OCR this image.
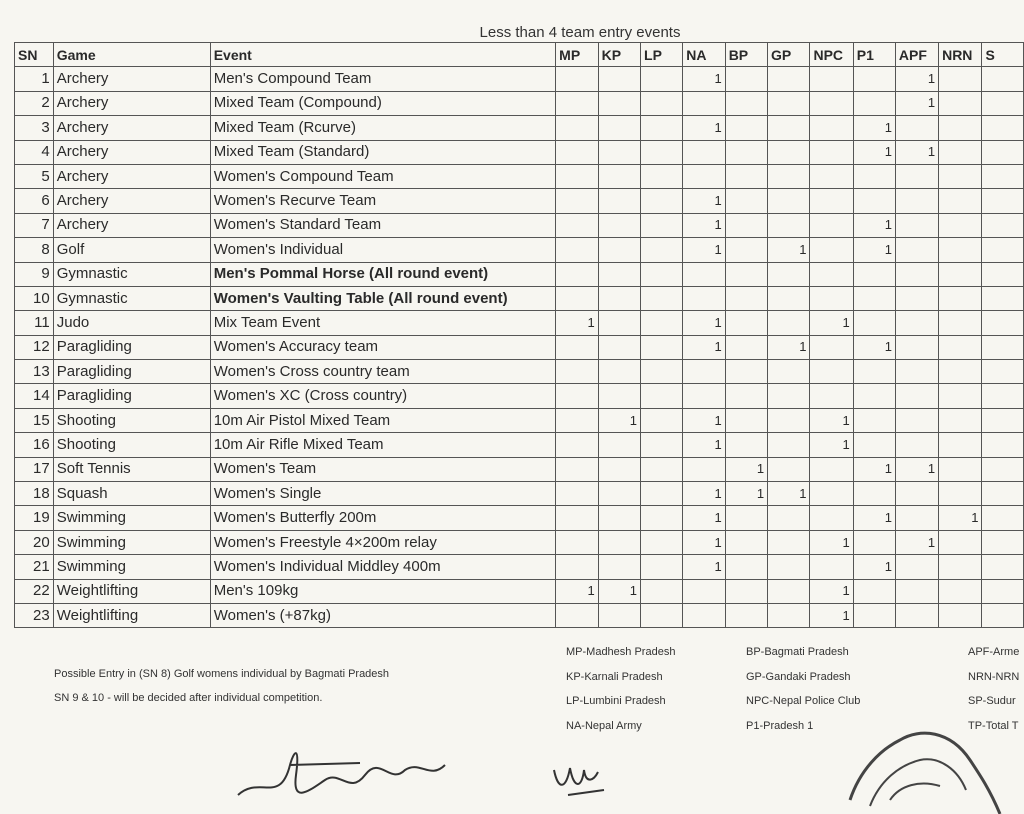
Less than 4 team entry events
SN	Game	Event	MP	KP	LP	NA	BP	GP	NPC	P1	APF	NRN	S
1	Archery	Men's Compound Team				1					1		
2	Archery	Mixed Team (Compound)									1		
3	Archery	Mixed Team (Rcurve)				1				1			
4	Archery	Mixed Team (Standard)								1	1		
5	Archery	Women's Compound Team											
6	Archery	Women's Recurve Team				1							
7	Archery	Women's Standard Team				1				1			
8	Golf	Women's Individual				1		1		1			
9	Gymnastic	Men's Pommal Horse (All round event)											
10	Gymnastic	Women's Vaulting Table (All round event)											
11	Judo	Mix Team Event	1			1			1				
12	Paragliding	Women's Accuracy team				1		1		1			
13	Paragliding	Women's Cross country team											
14	Paragliding	Women's XC (Cross country)											
15	Shooting	10m Air Pistol Mixed Team		1		1			1				
16	Shooting	10m Air Rifle Mixed Team				1			1				
17	Soft Tennis	Women's Team					1			1	1		
18	Squash	Women's Single				1	1	1					
19	Swimming	Women's Butterfly 200m				1				1		1	
20	Swimming	Women's Freestyle 4×200m relay				1			1		1		
21	Swimming	Women's Individual Middley 400m				1				1			
22	Weightlifting	Men's 109kg	1	1					1				
23	Weightlifting	Women's (+87kg)							1				
Possible Entry in (SN 8) Golf womens individual by Bagmati Pradesh
SN 9 & 10 - will be decided after individual competition.
MP-Madhesh Pradesh
KP-Karnali Pradesh
LP-Lumbini Pradesh
NA-Nepal Army
BP-Bagmati Pradesh
GP-Gandaki Pradesh
NPC-Nepal Police Club
P1-Pradesh 1
APF-Arme
NRN-NRN
SP-Sudur
TP-Total T
